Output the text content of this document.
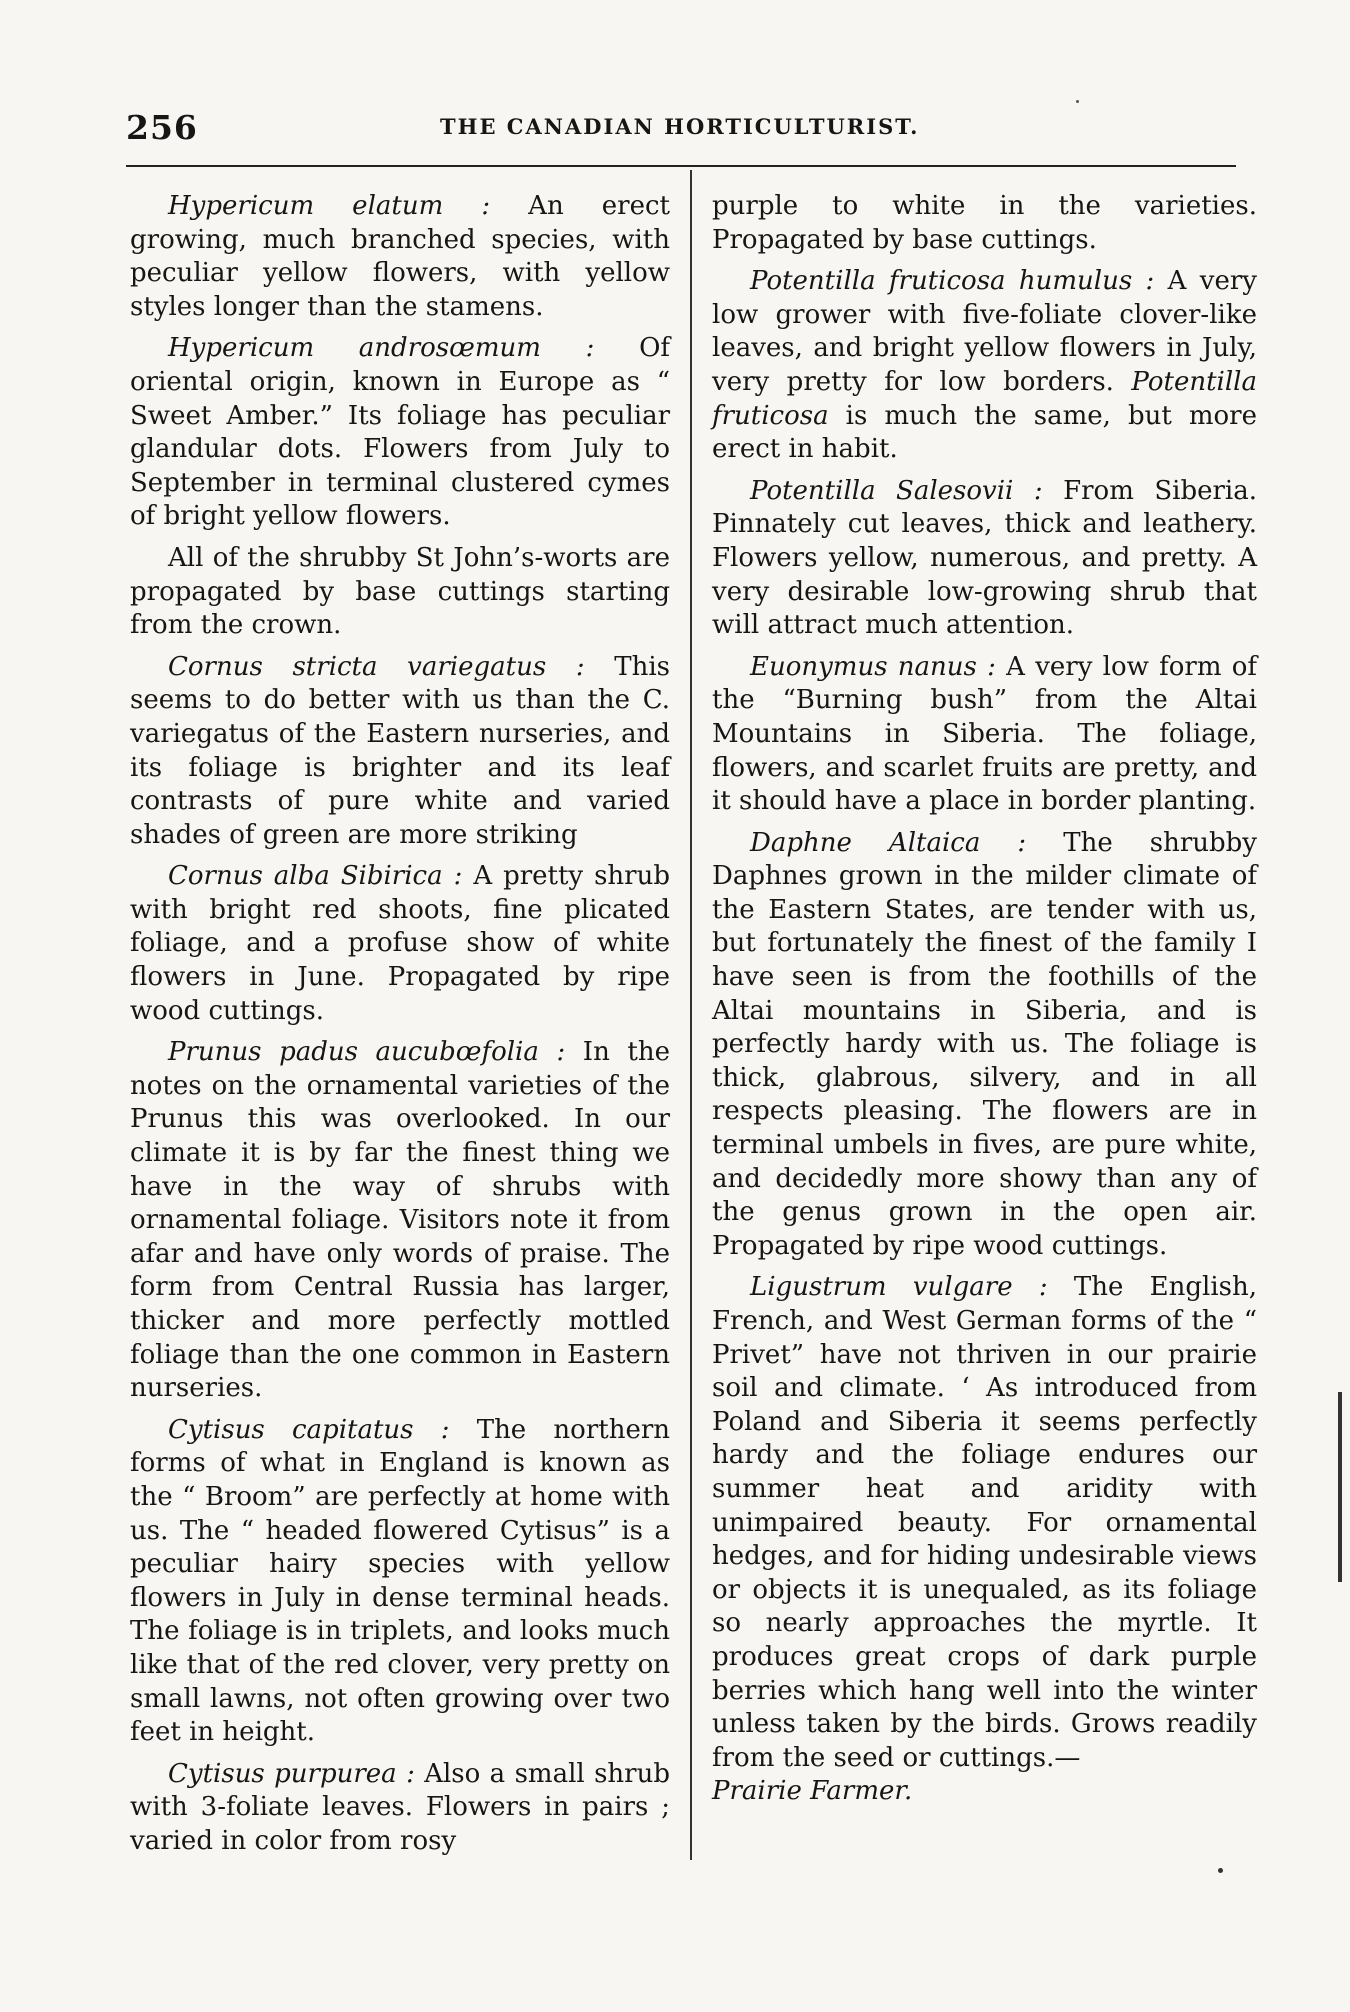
256	THE CANADIAN HORTICULTURIST.

Hypericum elatum : An erect growing, much branched species, with peculiar yellow flowers, with yellow styles longer than the stamens.

Hypericum androsœmum : Of oriental origin, known in Europe as “ Sweet Amber.” Its foliage has peculiar glandular dots. Flowers from July to September in terminal clustered cymes of bright yellow flowers.

All of the shrubby St John’s-worts are propagated by base cuttings starting from the crown.

Cornus stricta variegatus : This seems to do better with us than the C. variegatus of the Eastern nurseries, and its foliage is brighter and its leaf contrasts of pure white and varied shades of green are more striking

Cornus alba Sibirica : A pretty shrub with bright red shoots, fine plicated foliage, and a profuse show of white flowers in June. Propagated by ripe wood cuttings.

Prunus padus aucubœfolia : In the notes on the ornamental varieties of the Prunus this was overlooked. In our climate it is by far the finest thing we have in the way of shrubs with ornamental foliage. Visitors note it from afar and have only words of praise. The form from Central Russia has larger, thicker and more perfectly mottled foliage than the one common in Eastern nurseries.

Cytisus capitatus : The northern forms of what in England is known as the “ Broom” are perfectly at home with us. The “ headed flowered Cytisus” is a peculiar hairy species with yellow flowers in July in dense terminal heads. The foliage is in triplets, and looks much like that of the red clover, very pretty on small lawns, not often growing over two feet in height.

Cytisus purpurea : Also a small shrub with 3-foliate leaves. Flowers in pairs ; varied in color from rosy

purple to white in the varieties. Propagated by base cuttings.

Potentilla fruticosa humulus : A very low grower with five-foliate clover-like leaves, and bright yellow flowers in July, very pretty for low borders. Potentilla fruticosa is much the same, but more erect in habit.

Potentilla Salesovii : From Siberia. Pinnately cut leaves, thick and leathery. Flowers yellow, numerous, and pretty. A very desirable low-growing shrub that will attract much attention.

Euonymus nanus : A very low form of the “Burning bush” from the Altai Mountains in Siberia. The foliage, flowers, and scarlet fruits are pretty, and it should have a place in border planting.

Daphne Altaica : The shrubby Daphnes grown in the milder climate of the Eastern States, are tender with us, but fortunately the finest of the family I have seen is from the foothills of the Altai mountains in Siberia, and is perfectly hardy with us. The foliage is thick, glabrous, silvery, and in all respects pleasing. The flowers are in terminal umbels in fives, are pure white, and decidedly more showy than any of the genus grown in the open air. Propagated by ripe wood cuttings.

Ligustrum vulgare : The English, French, and West German forms of the “ Privet” have not thriven in our prairie soil and climate. ‘ As introduced from Poland and Siberia it seems perfectly hardy and the foliage endures our summer heat and aridity with unimpaired beauty. For ornamental hedges, and for hiding undesirable views or objects it is unequaled, as its foliage so nearly approaches the myrtle. It produces great crops of dark purple berries which hang well into the winter unless taken by the birds. Grows readily from the seed or cuttings.—
Prairie Farmer.
